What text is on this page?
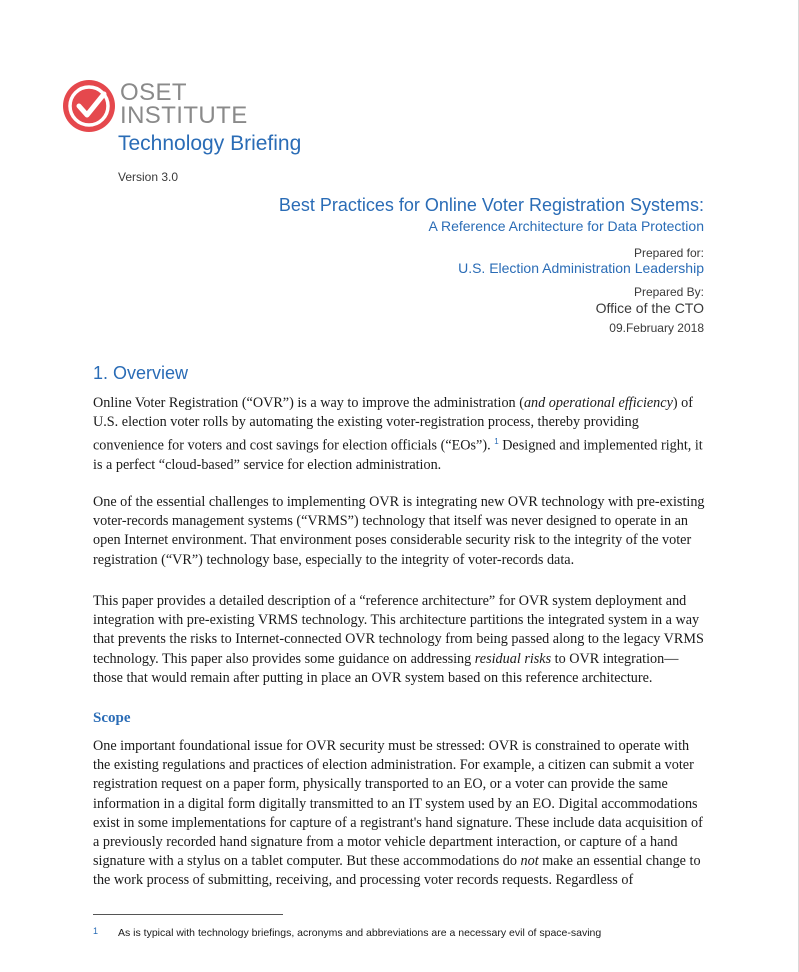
OSET
INSTITUTE
Technology Briefing
Version 3.0
Best Practices for Online Voter Registration Systems:
A Reference Architecture for Data Protection
Prepared for:
U.S. Election Administration Leadership
Prepared By:
Office of the CTO
09.February 2018
1. Overview

Online Voter Registration (“OVR”) is a way to improve the administration (and operational efficiency) of U.S. election voter rolls by automating the existing voter-registration process, thereby providing convenience for voters and cost savings for election officials (“EOs”). $^1$ Designed and implemented right, it is a perfect “cloud-based” service for election administration.

One of the essential challenges to implementing OVR is integrating new OVR technology with pre-existing voter-records management systems (“VRMS”) technology that itself was never designed to operate in an open Internet environment. That environment poses considerable security risk to the integrity of the voter registration (“VR”) technology base, especially to the integrity of voter-records data.

This paper provides a detailed description of a “reference architecture” for OVR system deployment and integration with pre-existing VRMS technology. This architecture partitions the integrated system in a way that prevents the risks to Internet-connected OVR technology from being passed along to the legacy VRMS technology. This paper also provides some guidance on addressing residual risks to OVR integration—those that would remain after putting in place an OVR system based on this reference architecture.

Scope

One important foundational issue for OVR security must be stressed: OVR is constrained to operate with the existing regulations and practices of election administration. For example, a citizen can submit a voter registration request on a paper form, physically transported to an EO, or a voter can provide the same information in a digital form digitally transmitted to an IT system used by an EO. Digital accommodations exist in some implementations for capture of a registrant's hand signature. These include data acquisition of a previously recorded hand signature from a motor vehicle department interaction, or capture of a hand signature with a stylus on a tablet computer. But these accommodations do not make an essential change to the work process of submitting, receiving, and processing voter records requests. Regardless of

1 As is typical with technology briefings, acronyms and abbreviations are a necessary evil of space-saving
